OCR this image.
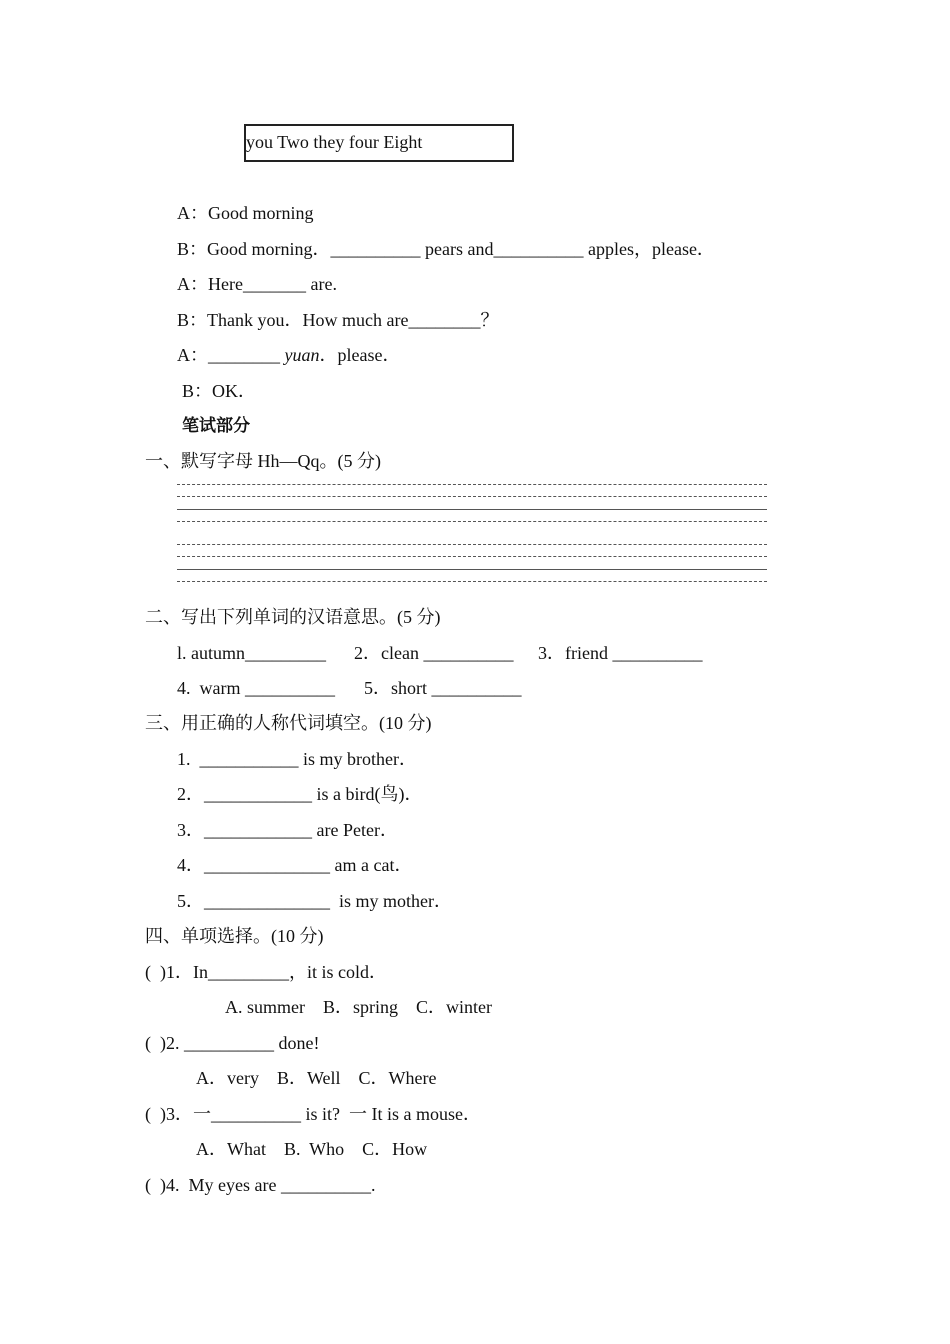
you Two they four Eight
A：Good morning
B：Good morning．__________ pears and__________ apples，please．
A：Here_______ are.
B：Thank you．How much are________？
A：________ yuan．please．
B：OK．
笔试部分
一、默写字母 Hh—Qq。(5 分)
二、写出下列单词的汉语意思。(5 分)
l. autumn_________ 2．clean __________ 3．friend __________
4.  warm __________ 5．short __________
三、用正确的人称代词填空。(10 分)
1.  ___________ is my brother．
2．____________ is a bird(鸟)．
3．____________ are Peter．
4．______________ am a cat．
5．______________  is my mother．
四、单项选择。(10 分)
(  )1．In_________，it is cold．
A. summer    B．spring    C．winter
(  )2. __________ done!
A．very    B．Well    C．Where
(  )3．一__________ is it?  一 It is a mouse．
A．What    B.  Who    C．How
(  )4.  My eyes are __________.
